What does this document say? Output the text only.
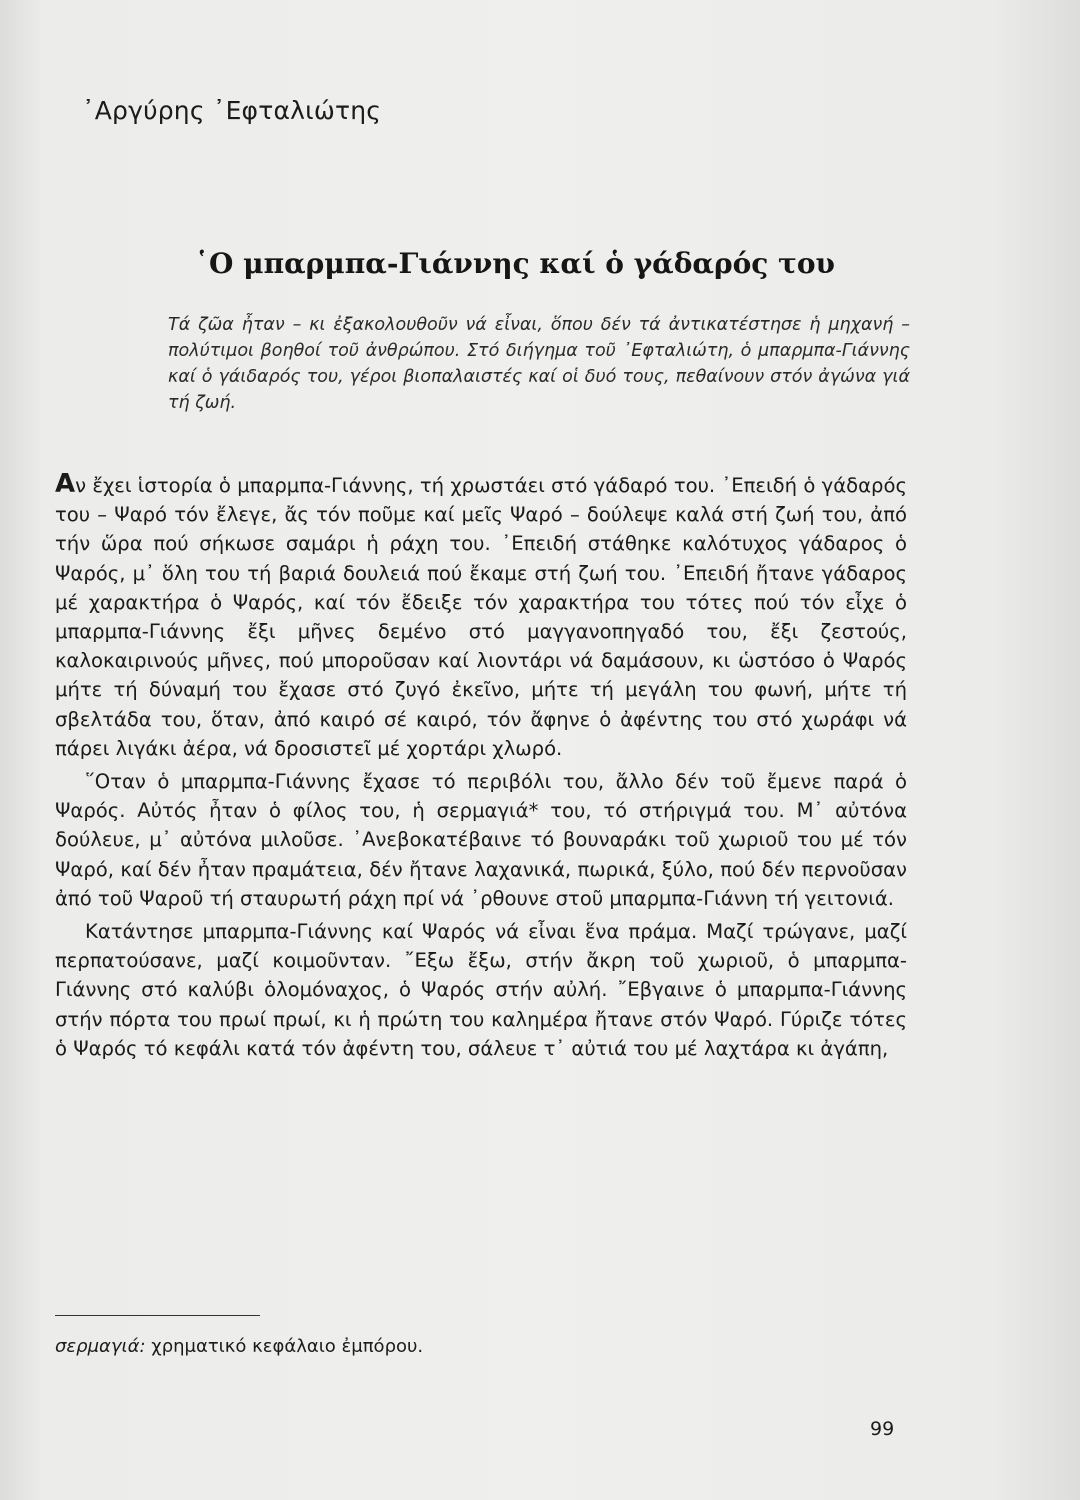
᾿Αργύρης ᾿Εφταλιώτης
῾Ο μπαρμπα-Γιάννης καί ὁ γάδαρός του
Τά ζῶα ἦταν – κι ἐξακολουθοῦν νά εἶναι, ὅπου δέν τά ἀντικατέστησε ἡ μηχανή – πολύτιμοι βοηθοί τοῦ ἀνθρώπου. Στό διήγημα τοῦ ᾿Εφταλιώτη, ὁ μπαρμπα-Γιάννης καί ὁ γάιδαρός του, γέροι βιοπαλαιστές καί οἱ δυό τους, πεθαίνουν στόν ἀγώνα γιά τή ζωή.

Αν ἔχει ἱστορία ὁ μπαρμπα-Γιάννης, τή χρωστάει στό γάδαρό του. ᾿Επειδή ὁ γάδαρός του – Ψαρό τόν ἔλεγε, ἄς τόν ποῦμε καί μεῖς Ψαρό – δούλεψε καλά στή ζωή του, ἀπό τήν ὥρα πού σήκωσε σαμάρι ἡ ράχη του. ᾿Επειδή στάθηκε καλότυχος γάδαρος ὁ Ψαρός, μ᾿ ὅλη του τή βαριά δουλειά πού ἔκαμε στή ζωή του. ᾿Επειδή ἤτανε γάδαρος μέ χαρακτήρα ὁ Ψαρός, καί τόν ἔδειξε τόν χαρακτήρα του τότες πού τόν εἶχε ὁ μπαρμπα-Γιάννης ἔξι μῆνες δεμένο στό μαγγανοπηγαδό του, ἔξι ζεστούς, καλοκαιρινούς μῆνες, πού μποροῦσαν καί λιοντάρι νά δαμάσουν, κι ὡστόσο ὁ Ψαρός μήτε τή δύναμή του ἔχασε στό ζυγό ἐκεῖνο, μήτε τή μεγάλη του φωνή, μήτε τή σβελτάδα του, ὅταν, ἀπό καιρό σέ καιρό, τόν ἄφηνε ὁ ἀφέντης του στό χωράφι νά πάρει λιγάκι ἀέρα, νά δροσιστεῖ μέ χορτάρι χλωρό.

῞Οταν ὁ μπαρμπα-Γιάννης ἔχασε τό περιβόλι του, ἄλλο δέν τοῦ ἔμενε παρά ὁ Ψαρός. Αὐτός ἦταν ὁ φίλος του, ἡ σερμαγιά* του, τό στήριγμά του. Μ᾿ αὐτόνα δούλευε, μ᾿ αὐτόνα μιλοῦσε. ᾿Ανεβοκατέβαινε τό βουναράκι τοῦ χωριοῦ του μέ τόν Ψαρό, καί δέν ἦταν πραμάτεια, δέν ἤτανε λαχανικά, πωρικά, ξύλο, πού δέν περνοῦσαν ἀπό τοῦ Ψαροῦ τή σταυρωτή ράχη πρί νά ᾿ρθουνε στοῦ μπαρμπα-Γιάννη τή γειτονιά.

Κατάντησε μπαρμπα-Γιάννης καί Ψαρός νά εἶναι ἕνα πράμα. Μαζί τρώγανε, μαζί περπατούσανε, μαζί κοιμοῦνταν. ῎Εξω ἔξω, στήν ἄκρη τοῦ χωριοῦ, ὁ μπαρμπα-Γιάννης στό καλύβι ὁλομόναχος, ὁ Ψαρός στήν αὐλή. ῎Εβγαινε ὁ μπαρμπα-Γιάννης στήν πόρτα του πρωί πρωί, κι ἡ πρώτη του καλημέρα ἤτανε στόν Ψαρό. Γύριζε τότες ὁ Ψαρός τό κεφάλι κατά τόν ἀφέντη του, σάλευε τ᾿ αὐτιά του μέ λαχτάρα κι ἀγάπη,

σερμαγιά: χρηματικό κεφάλαιο ἐμπόρου.
99
